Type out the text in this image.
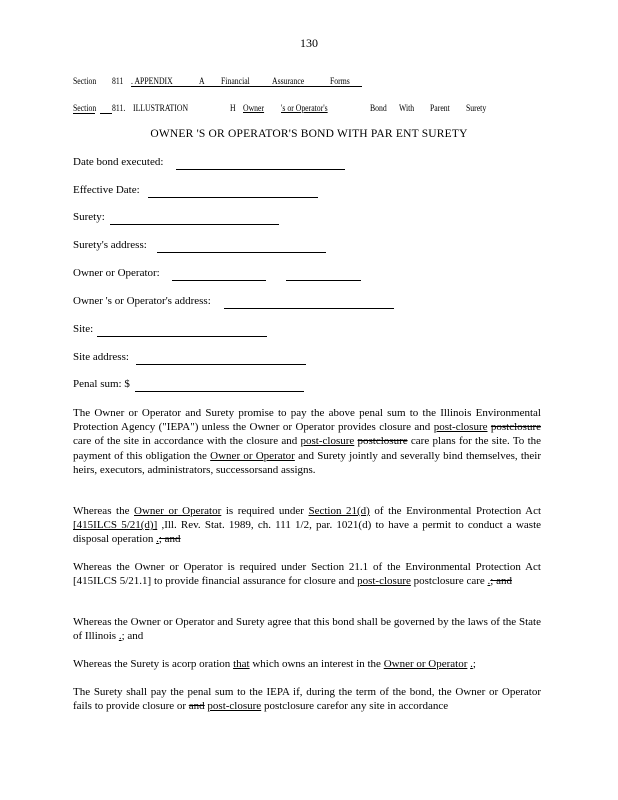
130
Section 811 . APPENDIX	A Financial Assurance	Forms
Section 811. ILLUSTRATION	H Owner 's or Operator's	Bond With Parent Surety
OWNER 'S OR OPERATOR'S BOND WITH PAR ENT SURETY
Date bond executed:
Effective Date:
Surety:
Surety's address:
Owner or Operator:
Owner 's or Operator's address:
Site:
Site address:
Penal sum: $
The Owner or Operator and Surety promise to pay the above penal sum to the Illinois Environmental Protection Agency ("IEPA") unless the Owner or Operator provides closure and post-closure postclosure care of the site in accordance with the closure and post-closure postclosure care plans for the site. To the payment of this obligation the Owner or Operator and Surety jointly and severally bind themselves, their heirs, executors, administrators, successorsand assigns.
Whereas the Owner or Operator is required under Section 21(d) of the Environmental Protection Act [415ILCS 5/21(d)] ,Ill. Rev. Stat. 1989, ch. 111 1/2, par. 1021(d) to have a permit to conduct a waste disposal operation .; and
Whereas the Owner or Operator is required under Section 21.1 of the Environmental Protection Act [415ILCS 5/21.1] to provide financial assurance for closure and post-closure postclosure care .; and
Whereas the Owner or Operator and Surety agree that this bond shall be governed by the laws of the State of Illinois .; and
Whereas the Surety is acorp oration that which owns an interest in the Owner or Operator .;
The Surety shall pay the penal sum to the IEPA if, during the term of the bond, the Owner or Operator fails to provide closure or and post-closure postclosure carefor any site in accordance
